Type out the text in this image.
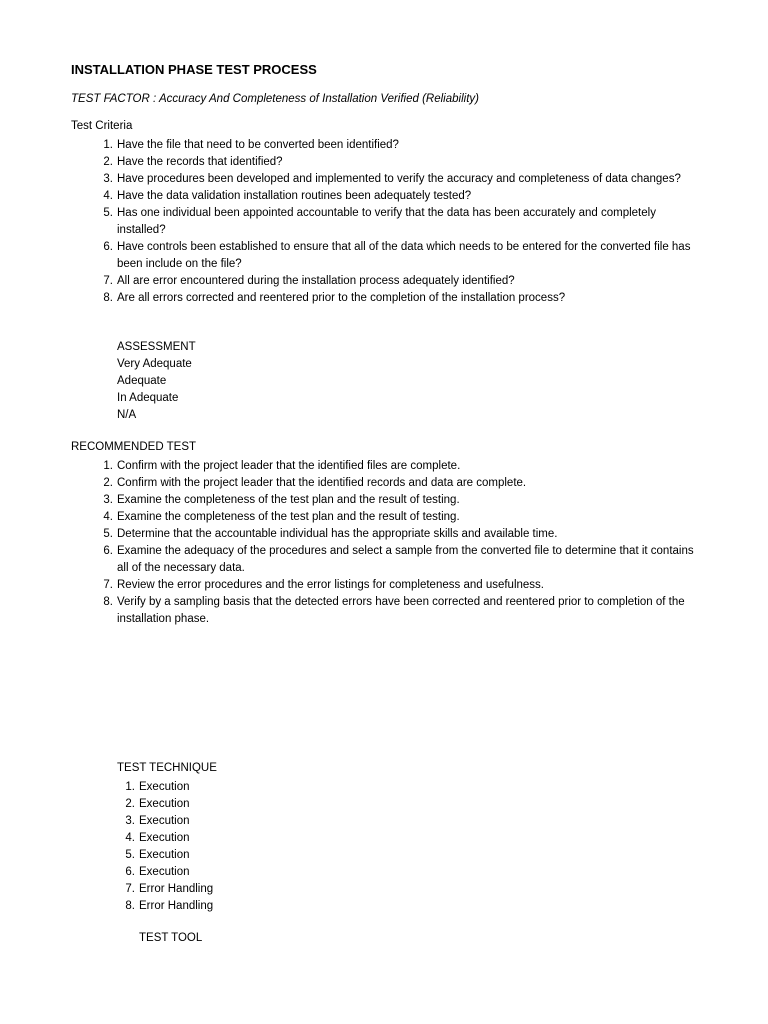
INSTALLATION PHASE TEST PROCESS

TEST FACTOR : Accuracy And Completeness of Installation Verified (Reliability)

Test Criteria

1. Have the file that need to be converted been identified?
2. Have the records that identified?
3. Have procedures been developed and implemented to verify the accuracy and completeness of data changes?
4. Have the data validation installation routines been adequately tested?
5. Has one individual been appointed accountable to verify that the data has been accurately and completely installed?
6. Have controls been established to ensure that all of the data which needs to be entered for the converted file has been include on the file?
7. All are error encountered during the installation process adequately identified?
8. Are all errors corrected and reentered prior to the completion of the installation process?
ASSESSMENT
Very Adequate
Adequate
In Adequate
N/A

RECOMMENDED TEST

1. Confirm with the project leader that the identified files are complete.
2. Confirm with the project leader that the identified records and data are complete.
3. Examine the completeness of the test plan and the result of testing.
4. Examine the completeness of the test plan and the result of testing.
5. Determine that the accountable individual has the appropriate skills and available time.
6. Examine the adequacy of the procedures and select a sample from the converted file to determine that it contains all of the necessary data.
7. Review the error procedures and the error listings for completeness and usefulness.
8. Verify by a sampling basis that the detected errors have been corrected and reentered prior to completion of the installation phase.
TEST TECHNIQUE
1. Execution
2. Execution
3. Execution
4. Execution
5. Execution
6. Execution
7. Error Handling
8. Error Handling
TEST TOOL
